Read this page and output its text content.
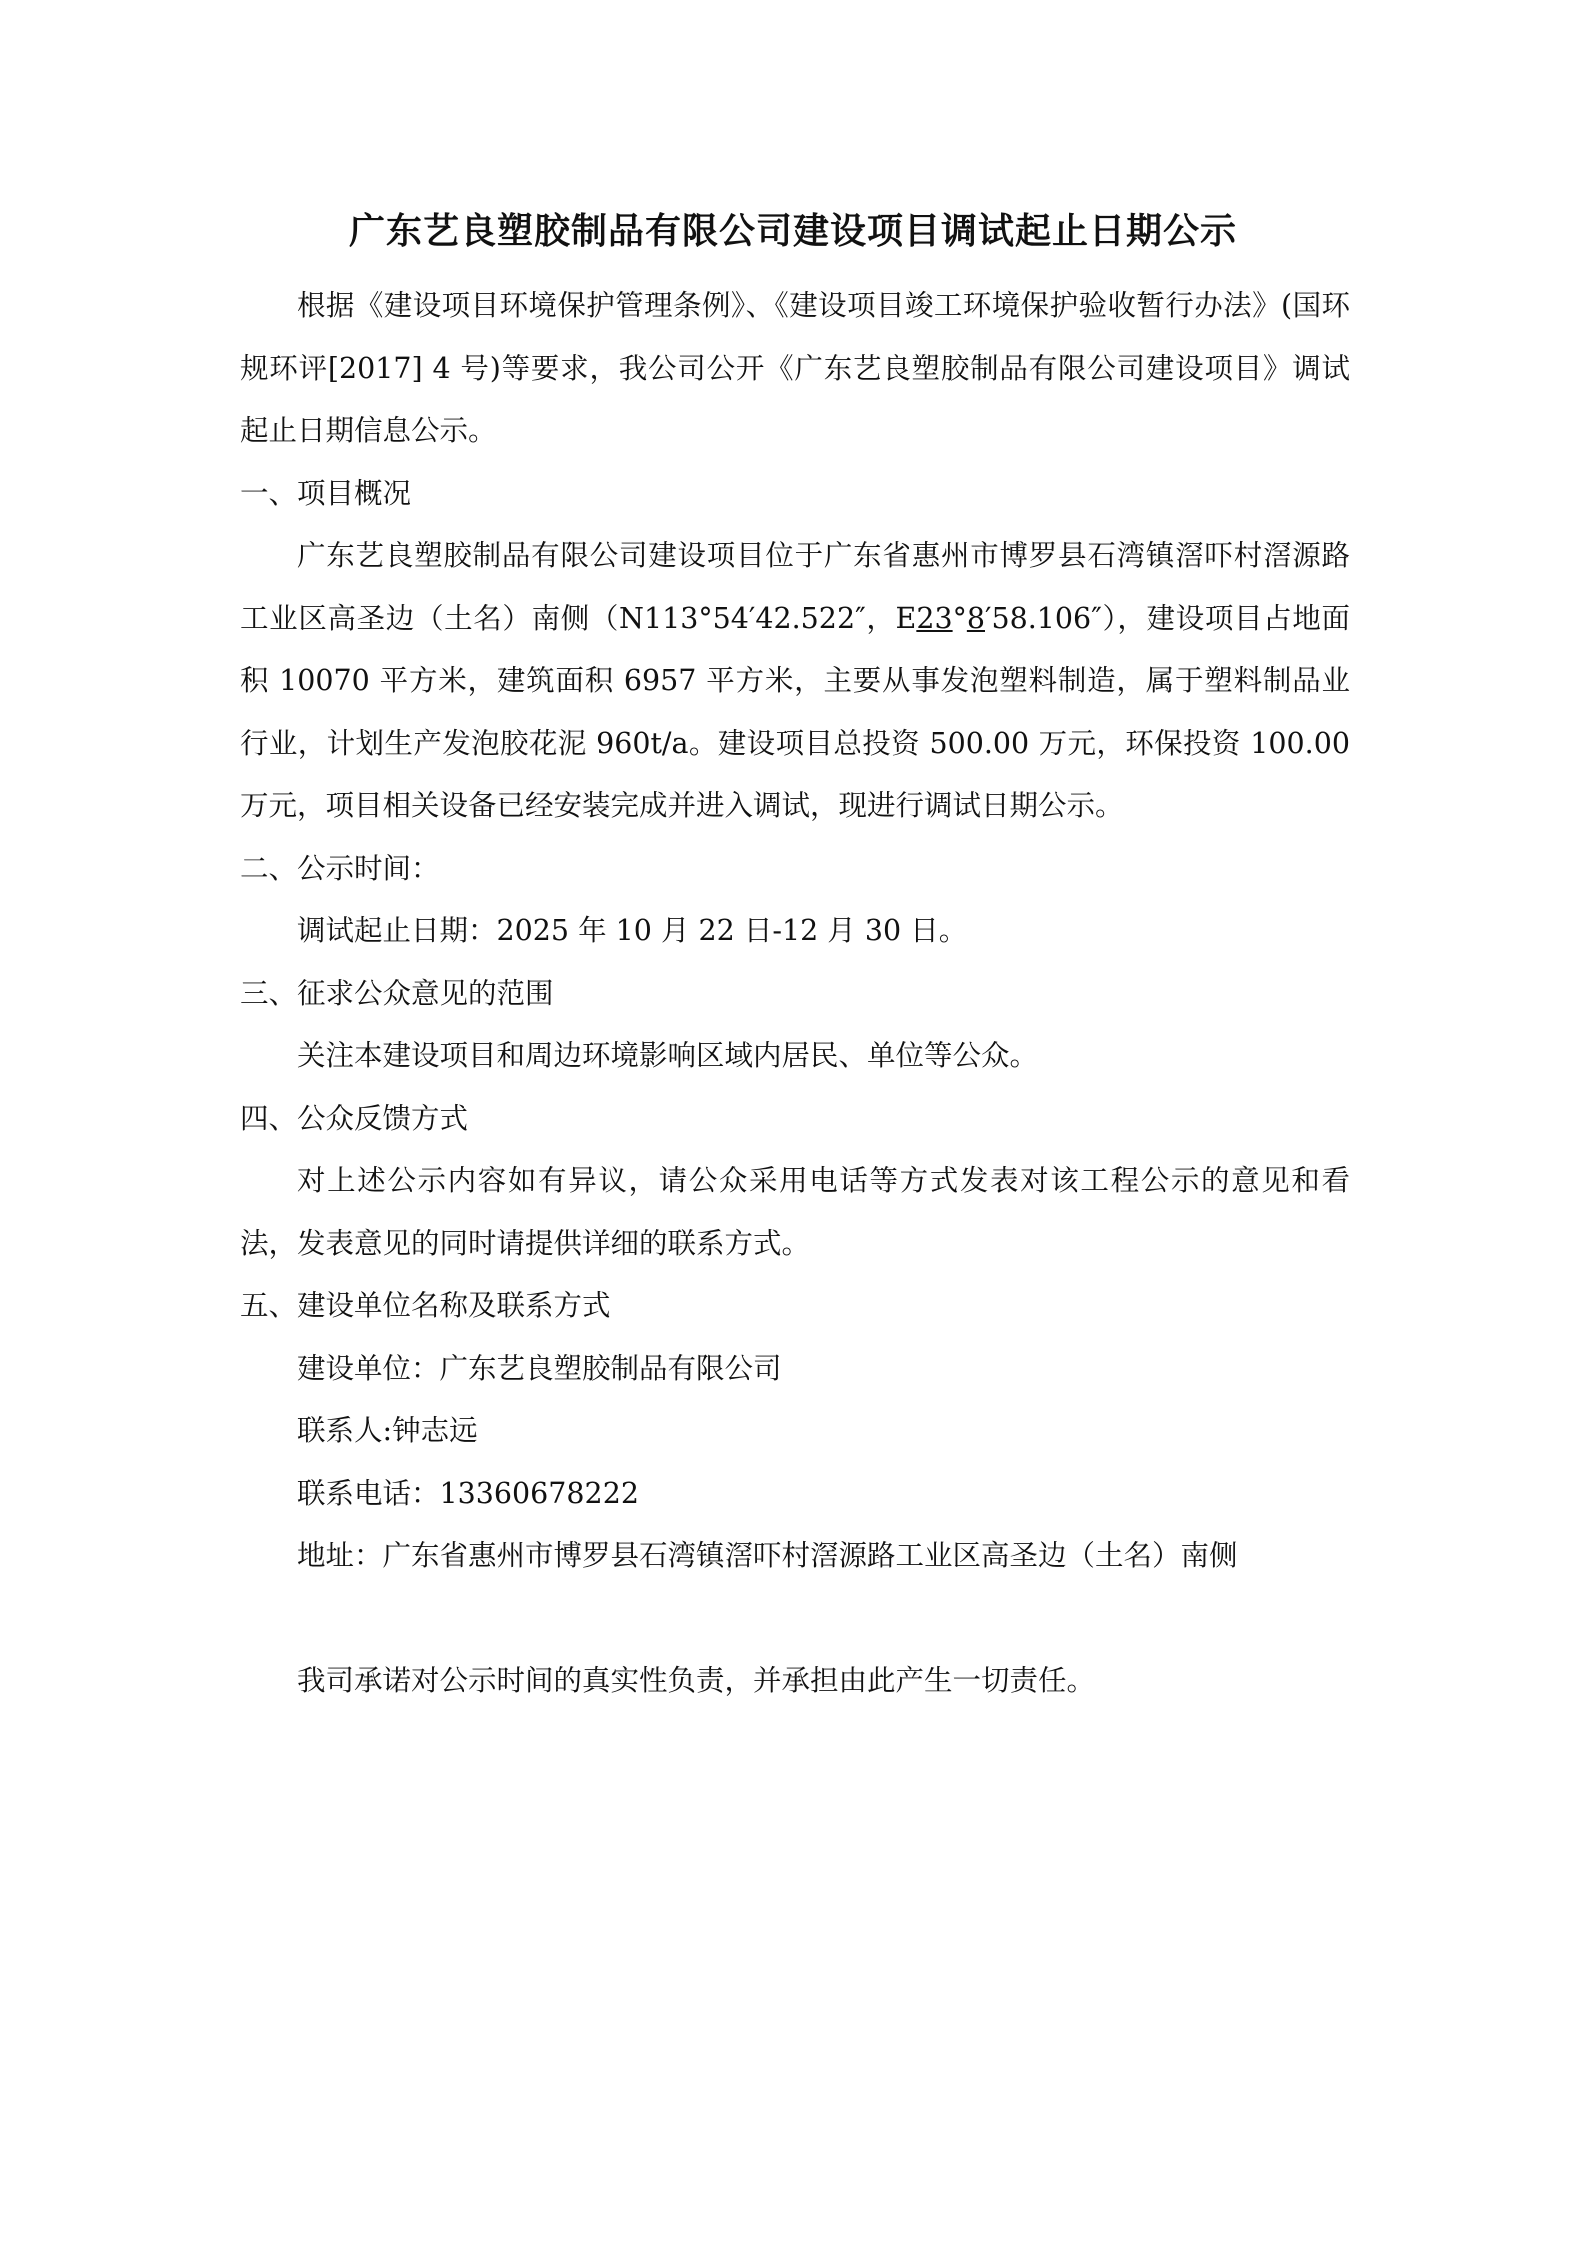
广东艺良塑胶制品有限公司建设项目调试起止日期公示

根据《建设项目环境保护管理条例》、《建设项目竣工环境保护验收暂行办法》(国环规环评[2017] 4 号)等要求，我公司公开《广东艺良塑胶制品有限公司建设项目》调试起止日期信息公示。

一、项目概况

广东艺良塑胶制品有限公司建设项目位于广东省惠州市博罗县石湾镇滘吓村滘源路工业区高圣边（土名）南侧（N113°54′42.522″，E23°8′58.106″），建设项目占地面积 10070 平方米，建筑面积 6957 平方米，主要从事发泡塑料制造，属于塑料制品业行业，计划生产发泡胶花泥 960t/a。建设项目总投资 500.00 万元，环保投资 100.00 万元，项目相关设备已经安装完成并进入调试，现进行调试日期公示。

二、公示时间：

调试起止日期：2025 年 10 月 22 日-12 月 30 日。

三、征求公众意见的范围

关注本建设项目和周边环境影响区域内居民、单位等公众。

四、公众反馈方式

对上述公示内容如有异议，请公众采用电话等方式发表对该工程公示的意见和看法，发表意见的同时请提供详细的联系方式。

五、建设单位名称及联系方式

建设单位：广东艺良塑胶制品有限公司

联系人:钟志远

联系电话：13360678222

地址：广东省惠州市博罗县石湾镇滘吓村滘源路工业区高圣边（土名）南侧

我司承诺对公示时间的真实性负责，并承担由此产生一切责任。
